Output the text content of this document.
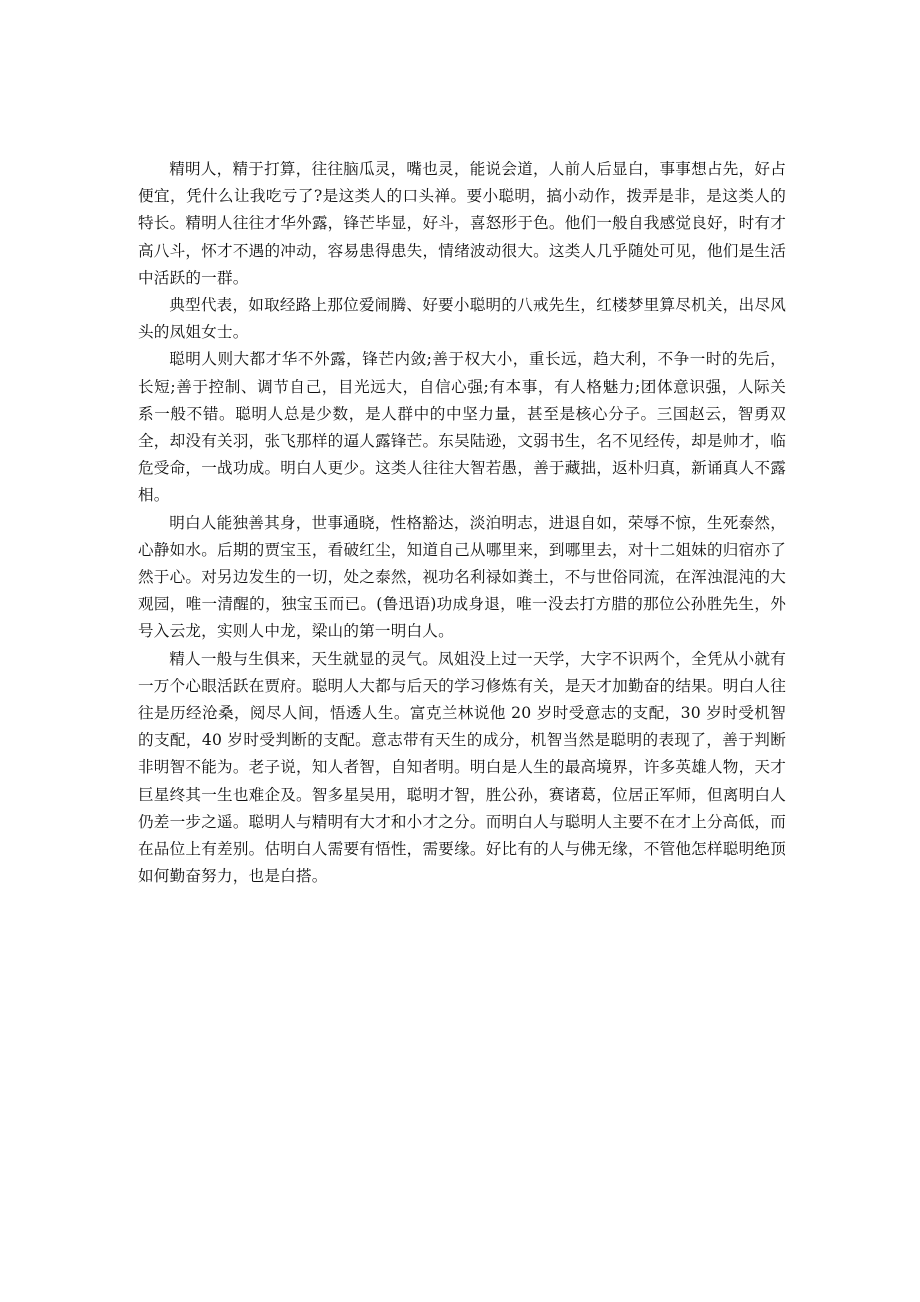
精明人，精于打算，往往脑瓜灵，嘴也灵，能说会道，人前人后显白，事事想占先，好占便宜，凭什么让我吃亏了?是这类人的口头禅。要小聪明，搞小动作，拨弄是非，是这类人的特长。精明人往往才华外露，锋芒毕显，好斗，喜怒形于色。他们一般自我感觉良好，时有才高八斗，怀才不遇的冲动，容易患得患失，情绪波动很大。这类人几乎随处可见，他们是生活中活跃的一群。

典型代表，如取经路上那位爱闹腾、好要小聪明的八戒先生，红楼梦里算尽机关，出尽风头的凤姐女士。

聪明人则大都才华不外露，锋芒内敛;善于权大小，重长远，趋大利，不争一时的先后，长短;善于控制、调节自己，目光远大，自信心强;有本事，有人格魅力;团体意识强，人际关系一般不错。聪明人总是少数，是人群中的中坚力量，甚至是核心分子。三国赵云，智勇双全，却没有关羽，张飞那样的逼人露锋芒。东吴陆逊，文弱书生，名不见经传，却是帅才，临危受命，一战功成。明白人更少。这类人往往大智若愚，善于藏拙，返朴归真，新诵真人不露相。

明白人能独善其身，世事通晓，性格豁达，淡泊明志，进退自如，荣辱不惊，生死泰然，心静如水。后期的贾宝玉，看破红尘，知道自己从哪里来，到哪里去，对十二姐妹的归宿亦了然于心。对另边发生的一切，处之泰然，视功名利禄如粪土，不与世俗同流，在浑浊混沌的大观园，唯一清醒的，独宝玉而已。(鲁迅语)功成身退，唯一没去打方腊的那位公孙胜先生，外号入云龙，实则人中龙，梁山的第一明白人。

精人一般与生俱来，天生就显的灵气。凤姐没上过一天学，大字不识两个，全凭从小就有一万个心眼活跃在贾府。聪明人大都与后天的学习修炼有关，是天才加勤奋的结果。明白人往往是历经沧桑，阅尽人间，悟透人生。富克兰林说他 20 岁时受意志的支配，30 岁时受机智的支配，40 岁时受判断的支配。意志带有天生的成分，机智当然是聪明的表现了，善于判断非明智不能为。老子说，知人者智，自知者明。明白是人生的最高境界，许多英雄人物，天才巨星终其一生也难企及。智多星吴用，聪明才智，胜公孙，赛诸葛，位居正军师，但离明白人仍差一步之遥。聪明人与精明有大才和小才之分。而明白人与聪明人主要不在才上分高低，而在品位上有差别。估明白人需要有悟性，需要缘。好比有的人与佛无缘，不管他怎样聪明绝顶如何勤奋努力，也是白搭。
